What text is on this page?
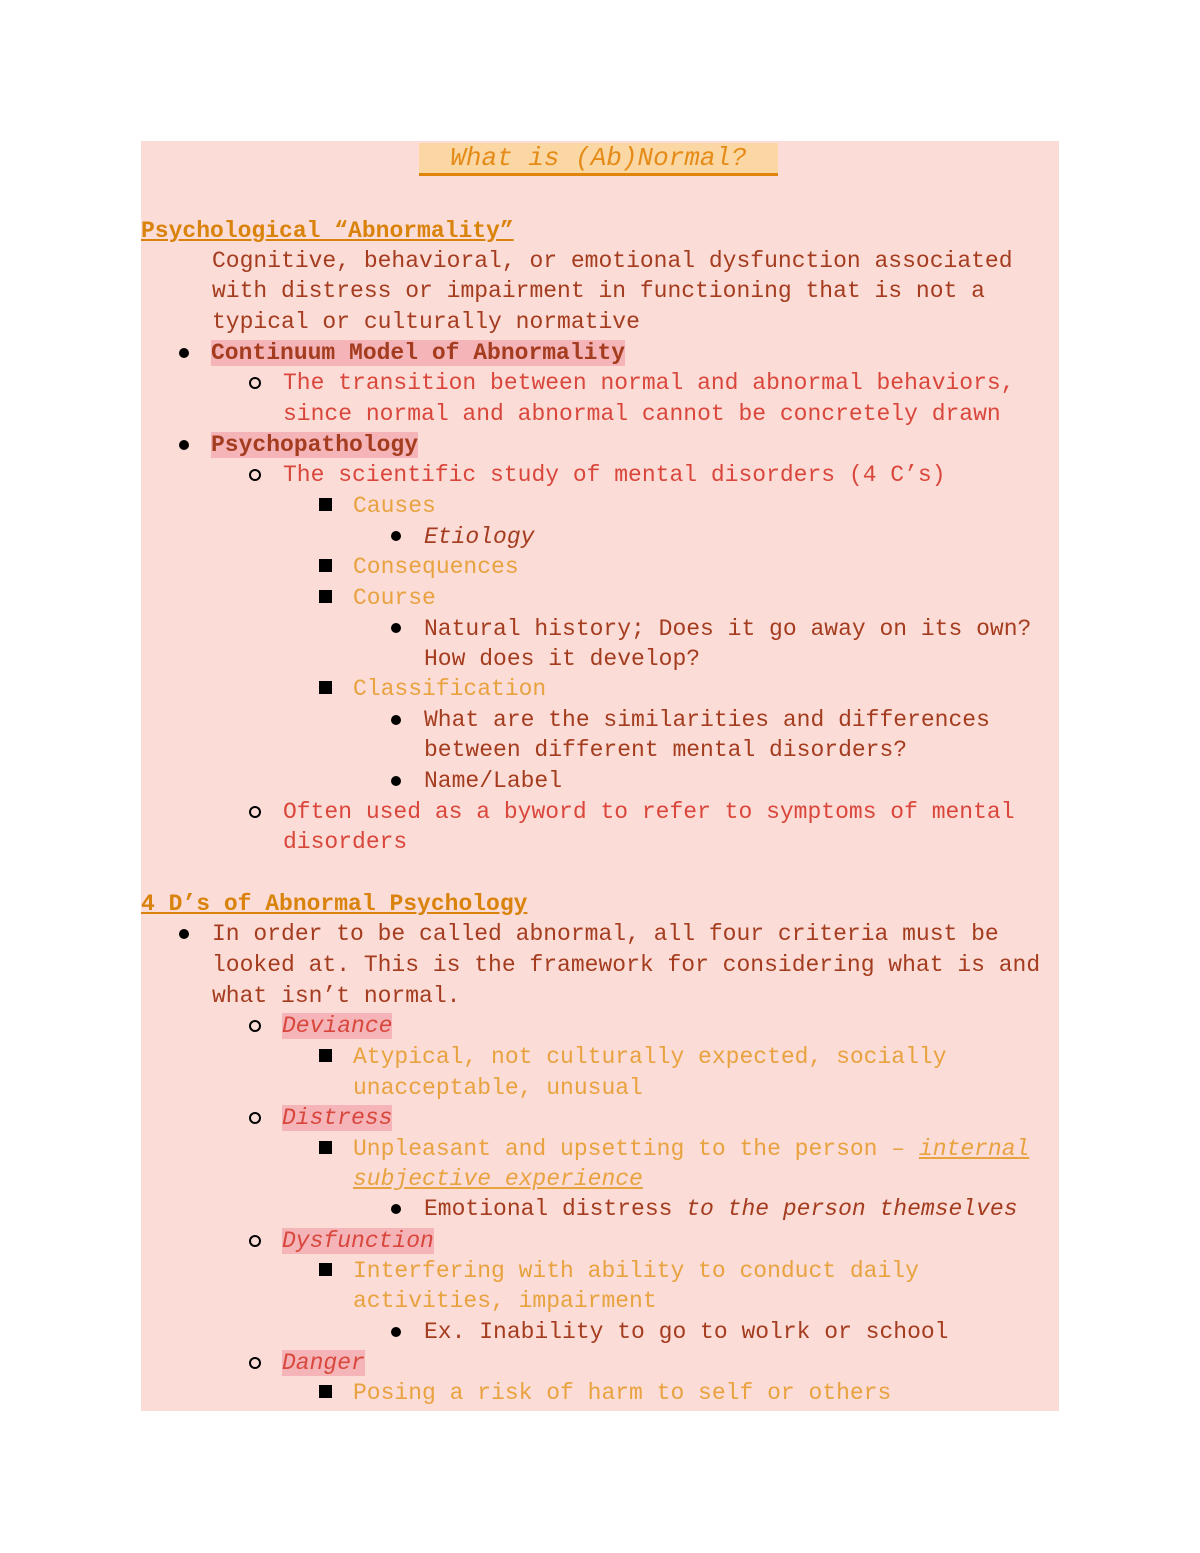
What is (Ab)Normal?
Psychological “Abnormality”
Cognitive, behavioral, or emotional dysfunction associated
with distress or impairment in functioning that is not a
typical or culturally normative
Continuum Model of Abnormality
The transition between normal and abnormal behaviors,
since normal and abnormal cannot be concretely drawn
Psychopathology
The scientific study of mental disorders (4 C’s)
Causes
Etiology
Consequences
Course
Natural history; Does it go away on its own?
How does it develop?
Classification
What are the similarities and differences
between different mental disorders?
Name/Label
Often used as a byword to refer to symptoms of mental
disorders
4 D’s of Abnormal Psychology
In order to be called abnormal, all four criteria must be
looked at. This is the framework for considering what is and
what isn’t normal.
Deviance
Atypical, not culturally expected, socially
unacceptable, unusual
Distress
Unpleasant and upsetting to the person – internal
subjective experience
Emotional distress to the person themselves
Dysfunction
Interfering with ability to conduct daily
activities, impairment
Ex. Inability to go to wolrk or school
Danger
Posing a risk of harm to self or others
